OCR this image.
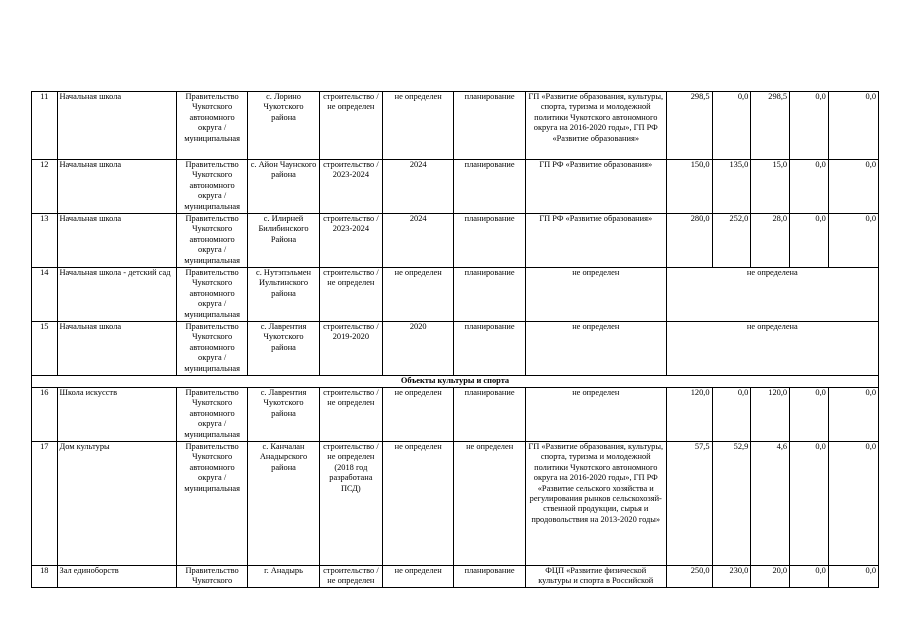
11	Начальная школа	Правительство Чукотского автономного округа / муниципальная	с. Лорино Чукотского района	строительство / не определен	не определен	планирование	ГП «Развитие образования, культуры, спорта, туризма и молодежной политики Чукотского автономного округа на 2016-2020 годы», ГП РФ «Развитие образования»	298,5	0,0	298,5	0,0	0,0
12	Начальная школа	Правительство Чукотского автономного округа / муниципальная	с. Айон Чаунского района	строительство / 2023-2024	2024	планирование	ГП РФ «Развитие образования»	150,0	135,0	15,0	0,0	0,0
13	Начальная школа	Правительство Чукотского автономного округа / муниципальная	с. Илирней Билибинского Района	строительство / 2023-2024	2024	планирование	ГП РФ «Развитие образования»	280,0	252,0	28,0	0,0	0,0
14	Начальная школа - детский сад	Правительство Чукотского автономного округа / муниципальная	с. Нутэпэльмен Иультинского района	строительство / не определен	не определен	планирование	не определен	не определена				
15	Начальная школа	Правительство Чукотского автономного округа / муниципальная	с. Лаврентия Чукотского района	строительство / 2019-2020	2020	планирование	не определен	не определена				
Объекты культуры и спорта												
16	Школа искусств	Правительство Чукотского автономного округа / муниципальная	с. Лаврентия Чукотского района	строительство / не определен	не определен	планирование	не определен	120,0	0,0	120,0	0,0	0,0
17	Дом культуры	Правительство Чукотского автономного округа / муниципальная	с. Канчалан Анадырского района	строительство / не определен (2018 год разработана ПСД)	не определен	не определен	ГП «Развитие образования, культуры, спорта, туризма и молодежной политики Чукотского автономного округа на 2016-2020 годы», ГП РФ «Развитие сельского хозяйства и регулирования рынков сельскохозяй-ственной продукции, сырья и продовольствия на 2013-2020 годы»	57,5	52,9	4,6	0,0	0,0
18	Зал единоборств	Правительство Чукотского	г. Анадырь	строительство / не определен	не определен	планирование	ФЦП «Развитие физической культуры и спорта в Российской	250,0	230,0	20,0	0,0	0,0
